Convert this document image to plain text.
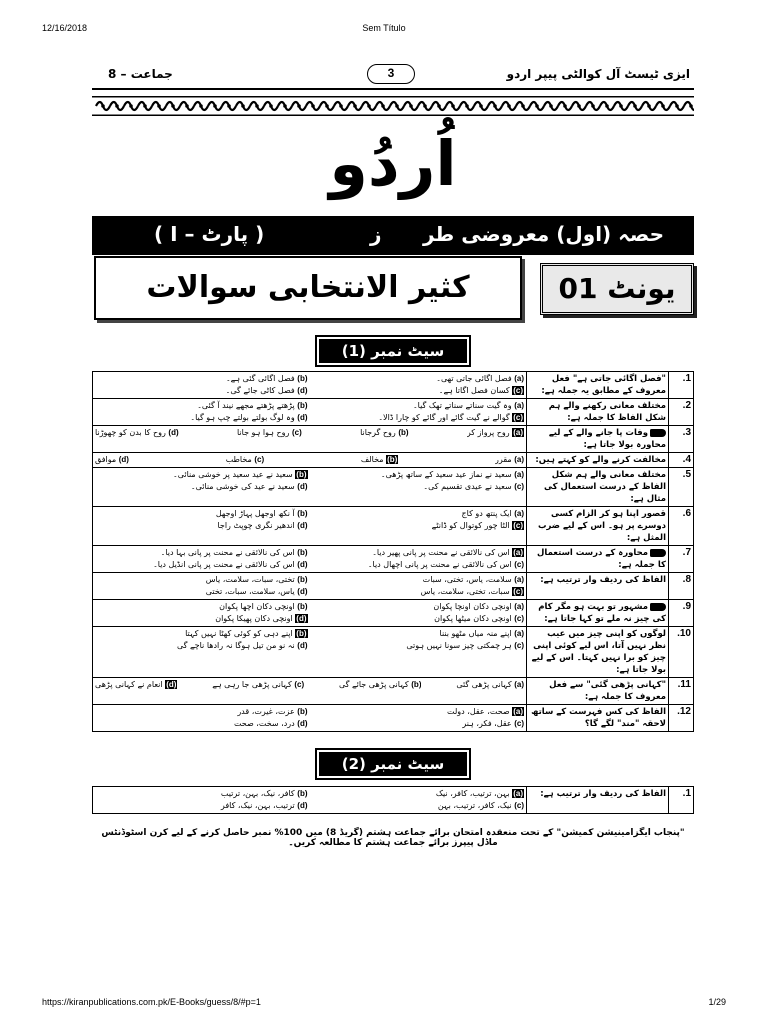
12/16/2018	Sem Título
ایزی ٹیسٹ آل کوالٹی پیپر اردو
3
جماعت – 8
اُردُو
حصہ (اول) معروضی طر
ز
( پارٹ – I )
کثیر الانتخابی سوالات	یونٹ 01
سیٹ نمبر (1)
1.	"فصل اگائی جاتی ہے" فعل معروف کے مطابق یہ جملہ ہے:	(a) فصل اگائی جاتی تھی۔
(b) فصل اگائی گئی ہے۔
(c) کسان فصل اگاتا ہے۔
(d) فصل کاٹی جائے گی۔

2.	مختلف معانی رکھنے والے ہم شکل الفاظ کا جملہ ہے:	(a) وہ گیت سناتے سناتے تھک گیا۔
(b) پڑھتے پڑھتے مجھے نیند آ گئی۔
(c) گوالے نے گیت گائے اور گائے کو چارا ڈالا۔
(d) وہ لوگ بولتے بولتے چپ ہو گیا۔

3.	وفات پا جانے والے کے لیے محاورہ بولا جاتا ہے:	(a) روح پرواز کر
(b) روح گرجانا
(c) روح ہوا ہو جانا
(d) روح کا بدن کو چھوڑنا

4.	مخالفت کرنے والے کو کہتے ہیں:	(a) مقرر
(b) مخالف
(c) مخاطب
(d) موافق

5.	مختلف معانی والے ہم شکل الفاظ کے درست استعمال کی مثال ہے:	(a) سعید نے نماز عید سعید کے ساتھ پڑھی۔
(b) سعید نے عید سعید پر خوشی منائی۔
(c) سعید نے عیدی تقسیم کی۔
(d) سعید نے عید کی خوشی منائی۔

6.	قصور اپنا ہو کر الزام کسی دوسرے پر ہو۔ اس کے لیے ضرب المثل ہے:	(a) ایک پنتھ دو کاج
(b) آ نکھ اوجھل پہاڑ اوجھل
(c) الٹا چور کوتوال کو ڈانٹے
(d) اندھیر نگری چوپٹ راجا

7.	محاورہ کے درست استعمال کا جملہ ہے:	(a) اس کی نالائقی نے محنت پر پانی پھیر دیا۔
(b) اس کی نالائقی نے محنت پر پانی بہا دیا۔
(c) اس کی نالائقی نے محنت پر پانی اچھال دیا۔
(d) اس کی نالائقی نے محنت پر پانی انڈیل دیا۔

8.	الفاظ کی ردیف وار ترتیب ہے:	(a) سلامت، یاس، تختی، سبات
(b) تختی، سبات، سلامت، یاس
(c) سبات، تختی، سلامت، یاس
(d) یاس، سلامت، سبات، تختی

9.	مشہور تو بہت ہو مگر کام کی چیز نہ ملے تو کہا جاتا ہے:	(a) اونچی دکان اونچا پکوان
(b) اونچی دکان اچھا پکوان
(c) اونچی دکان میٹھا پکوان
(d) اونچی دکان پھیکا پکوان

10.	لوگوں کو اپنی چیز میں عیب نظر نہیں آتا، اس لیے کوئی اپنی چیز کو برا نہیں کہتا۔ اس کے لیے بولا جاتا ہے:	(a) اپنے منہ میاں مٹھو بننا
(b) اپنے دہی کو کوئی کھٹا نہیں کہتا
(c) ہر چمکتی چیز سونا نہیں ہوتی
(d) نہ نو من تیل ہوگا نہ رادھا ناچے گی

11.	"کہانی پڑھی گئی" سے فعل معروف کا جملہ ہے:	(a) کہانی پڑھی گئی
(b) کہانی پڑھی جائے گی
(c) کہانی پڑھی جا رہی ہے
(d) انعام نے کہانی پڑھی

12.	الفاظ کی کس فہرست کے ساتھ لاحقہ "مند" لگے گا؟	(a) صحت، عقل، دولت
(b) عزت، غیرت، قدر
(c) عقل، فکر، ہنر
(d) درد، سخت، صحت
سیٹ نمبر (2)
1.	الفاظ کی ردیف وار ترتیب ہے:	
(a) بہن، ترتیب، کافر، نیک
(b) کافر، نیک، بہن، ترتیب
(c) نیک، کافر، ترتیب، بہن
(d) ترتیب، بہن، نیک، کافر
"پنجاب ایگزامینیشن کمیشن" کے تحت منعقدہ امتحان برائے جماعت ہشتم (گریڈ 8) میں 100% نمبر حاصل کرنے کے لیے کرن اسٹوڈنٹس ماڈل پیپرز برائے جماعت ہشتم کا مطالعہ کریں۔
https://kiranpublications.com.pk/E-Books/guess/8/#p=1	1/29
